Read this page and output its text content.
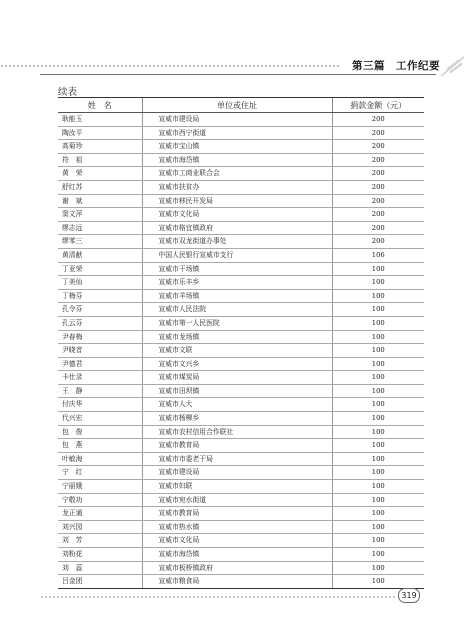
第三篇　工作纪要
续表
姓　名	单位或住址	捐款金额（元）
耿能玉	宣威市建设局	200
陶汝平	宣威市西宁街道	200
高菊珍	宣威市宝山镇	200
符　祖	宣威市海岱镇	200
黄　荣	宣威市工商业联合会	200
舒红苏	宣威市扶贫办	200
谢　斌	宣威市移民开发局	200
窦文萍	宣威市文化局	200
缪志远	宣威市格宜镇政府	200
缪苯三	宣威市双龙街道办事处	200
黄清献	中国人民银行宣威市支行	106
丁亚荣	宣威市干场镇	100
丁美仙	宣威市乐丰乡	100
丁梅芬	宣威市羊场镇	100
孔令芬	宣威市人民法院	100
孔云芬	宣威市第一人民医院	100
尹春梅	宣威市龙场镇	100
尹晓音	宣威市文联	100
尹德君	宣威市文兴乡	100
卡仕录	宣威市煤炭局	100
王　静	宣威市田坝镇	100
付庆华	宣威市人大	100
代兴宏	宣威市杨柳乡	100
包　俊	宣威市农村信用合作联社	100
包　燕	宣威市教育局	100
叶敏海	宣威市市委老干局	100
宁　红	宣威市建设局	100
宁丽娥	宣威市妇联	100
宁敬功	宣威市宛水街道	100
龙正通	宣威市教育局	100
刘兴园	宣威市热水镇	100
刘　芳	宣威市文化局	100
刘粉花	宣威市海岱镇	100
刘　蕊	宣威市板桥镇政府	100
吕金团	宣威市粮食局	100
319
